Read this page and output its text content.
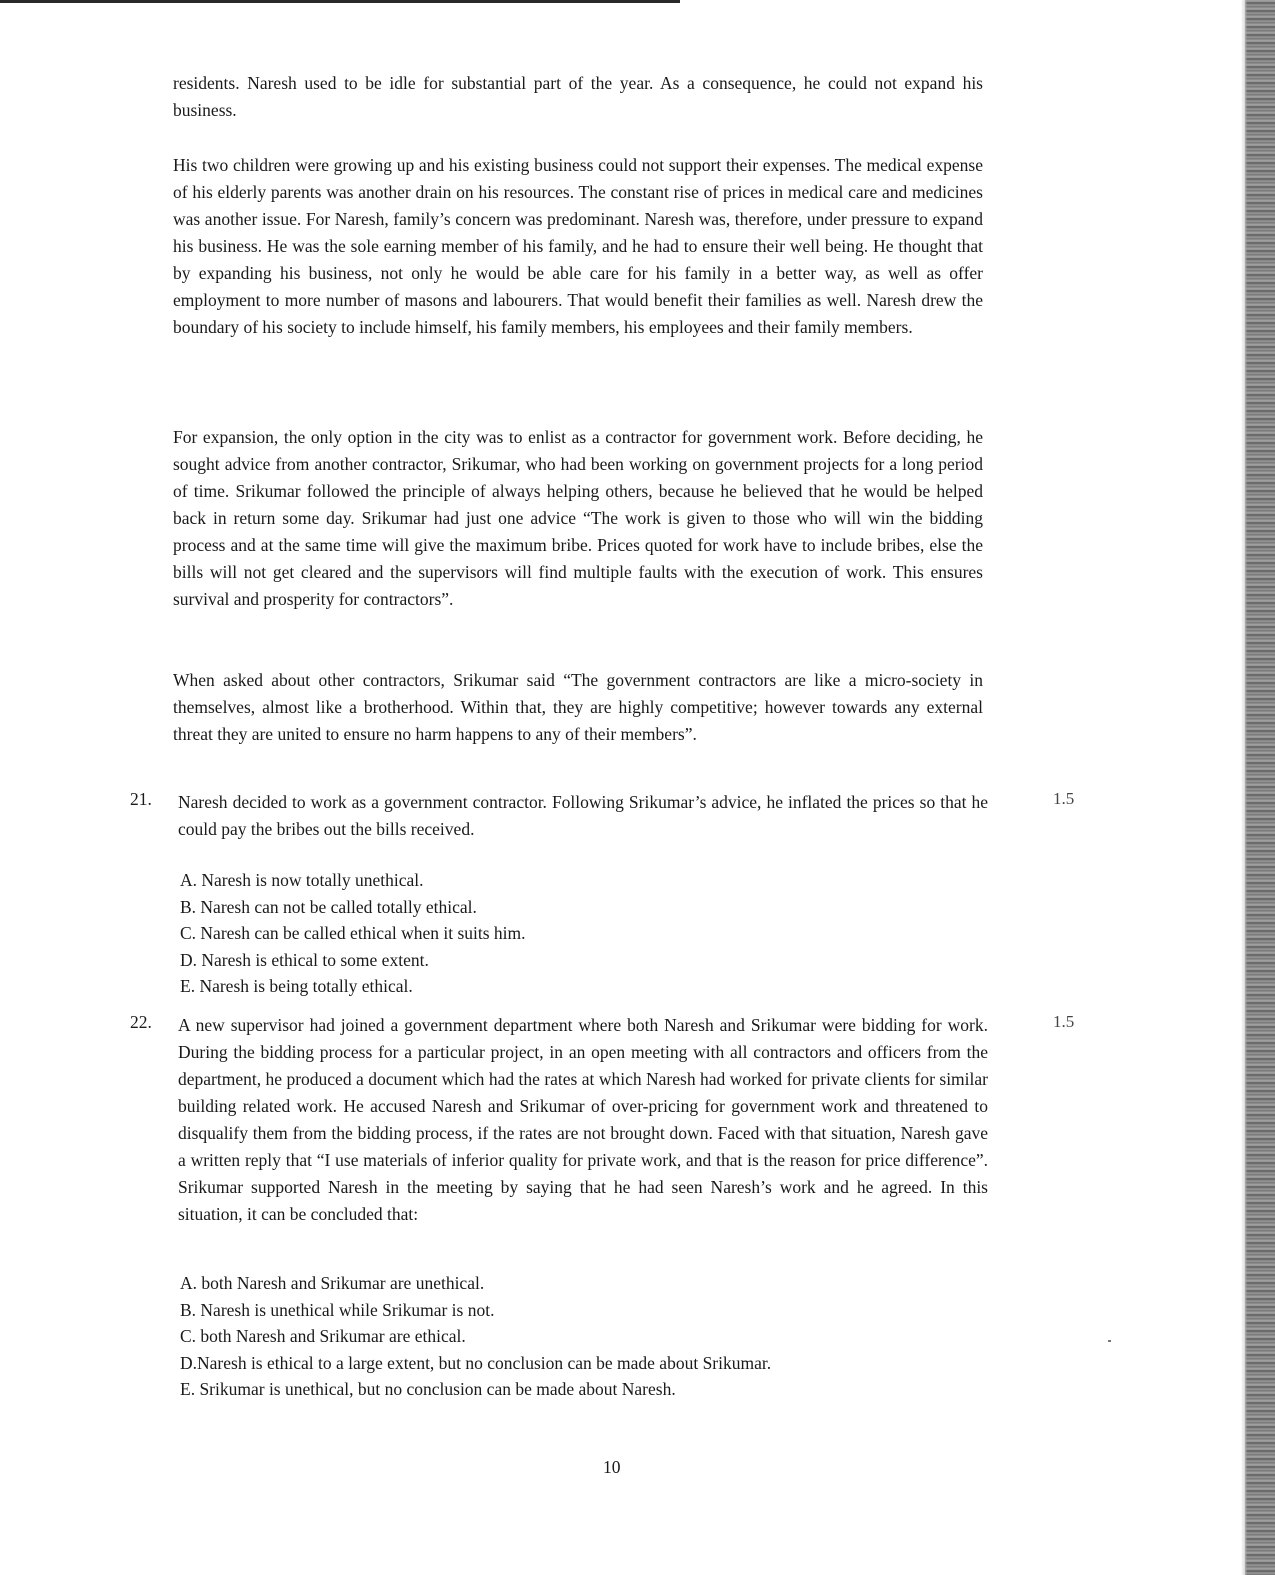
residents. Naresh used to be idle for substantial part of the year. As a consequence, he could not expand his business.

His two children were growing up and his existing business could not support their expenses. The medical expense of his elderly parents was another drain on his resources. The constant rise of prices in medical care and medicines was another issue. For Naresh, family’s concern was predominant. Naresh was, therefore, under pressure to expand his business. He was the sole earning member of his family, and he had to ensure their well being. He thought that by expanding his business, not only he would be able care for his family in a better way, as well as offer employment to more number of masons and labourers. That would benefit their families as well. Naresh drew the boundary of his society to include himself, his family members, his employees and their family members.

For expansion, the only option in the city was to enlist as a contractor for government work. Before deciding, he sought advice from another contractor, Srikumar, who had been working on government projects for a long period of time. Srikumar followed the principle of always helping others, because he believed that he would be helped back in return some day. Srikumar had just one advice “The work is given to those who will win the bidding process and at the same time will give the maximum bribe. Prices quoted for work have to include bribes, else the bills will not get cleared and the supervisors will find multiple faults with the execution of work. This ensures survival and prosperity for contractors”.

When asked about other contractors, Srikumar said “The government contractors are like a micro-society in themselves, almost like a brotherhood. Within that, they are highly competitive; however towards any external threat they are united to ensure no harm happens to any of their members”.

21. Naresh decided to work as a government contractor. Following Srikumar’s advice, he inflated the prices so that he could pay the bribes out the bills received.

1.5
A. Naresh is now totally unethical.
B. Naresh can not be called totally ethical.
C. Naresh can be called ethical when it suits him.
D. Naresh is ethical to some extent.
E. Naresh is being totally ethical.
22. A new supervisor had joined a government department where both Naresh and Srikumar were bidding for work. During the bidding process for a particular project, in an open meeting with all contractors and officers from the department, he produced a document which had the rates at which Naresh had worked for private clients for similar building related work. He accused Naresh and Srikumar of over-pricing for government work and threatened to disqualify them from the bidding process, if the rates are not brought down. Faced with that situation, Naresh gave a written reply that “I use materials of inferior quality for private work, and that is the reason for price difference”. Srikumar supported Naresh in the meeting by saying that he had seen Naresh’s work and he agreed. In this situation, it can be concluded that:

1.5
A. both Naresh and Srikumar are unethical.
B. Naresh is unethical while Srikumar is not.
C. both Naresh and Srikumar are ethical.
D.Naresh is ethical to a large extent, but no conclusion can be made about Srikumar.
E. Srikumar is unethical, but no conclusion can be made about Naresh.
10
